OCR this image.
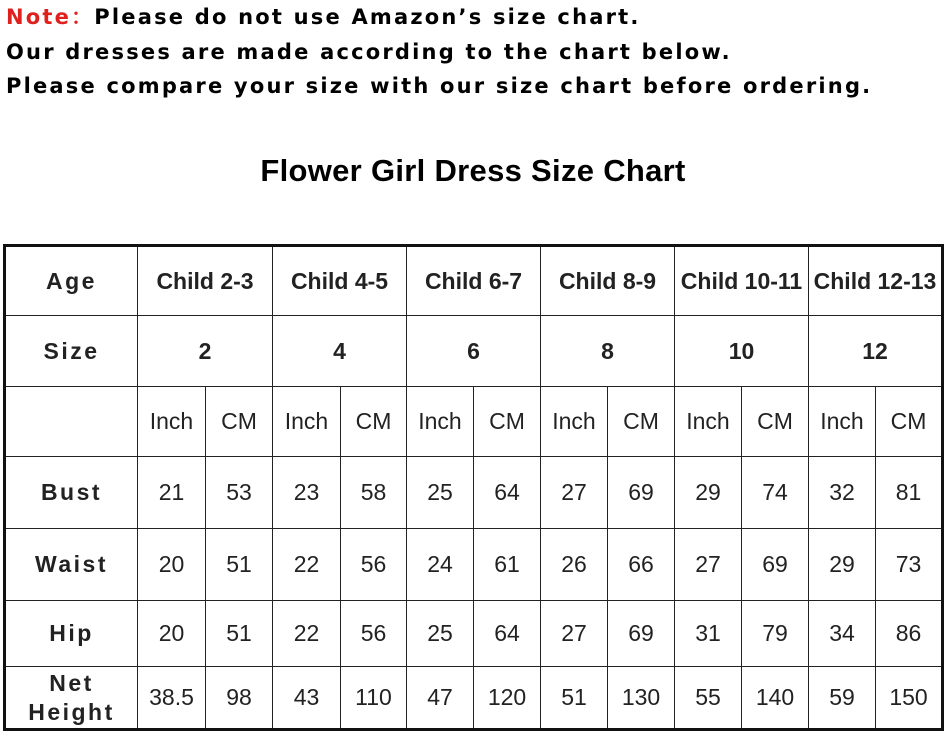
Note：Please do not use Amazon’s size chart.
Our dresses are made according to the chart below.
Please compare your size with our size chart before ordering.
Flower Girl Dress Size Chart
Age	Child 2-3		Child 4-5		Child 6-7		Child 8-9		Child 10-11		Child 12-13	
Size	2		4		6		8		10		12	
	Inch	CM	Inch	CM	Inch	CM	Inch	CM	Inch	CM	Inch	CM
Bust	21	53	23	58	25	64	27	69	29	74	32	81
Waist	20	51	22	56	24	61	26	66	27	69	29	73
Hip	20	51	22	56	25	64	27	69	31	79	34	86
Net
Height	38.5	98	43	110	47	120	51	130	55	140	59	150
